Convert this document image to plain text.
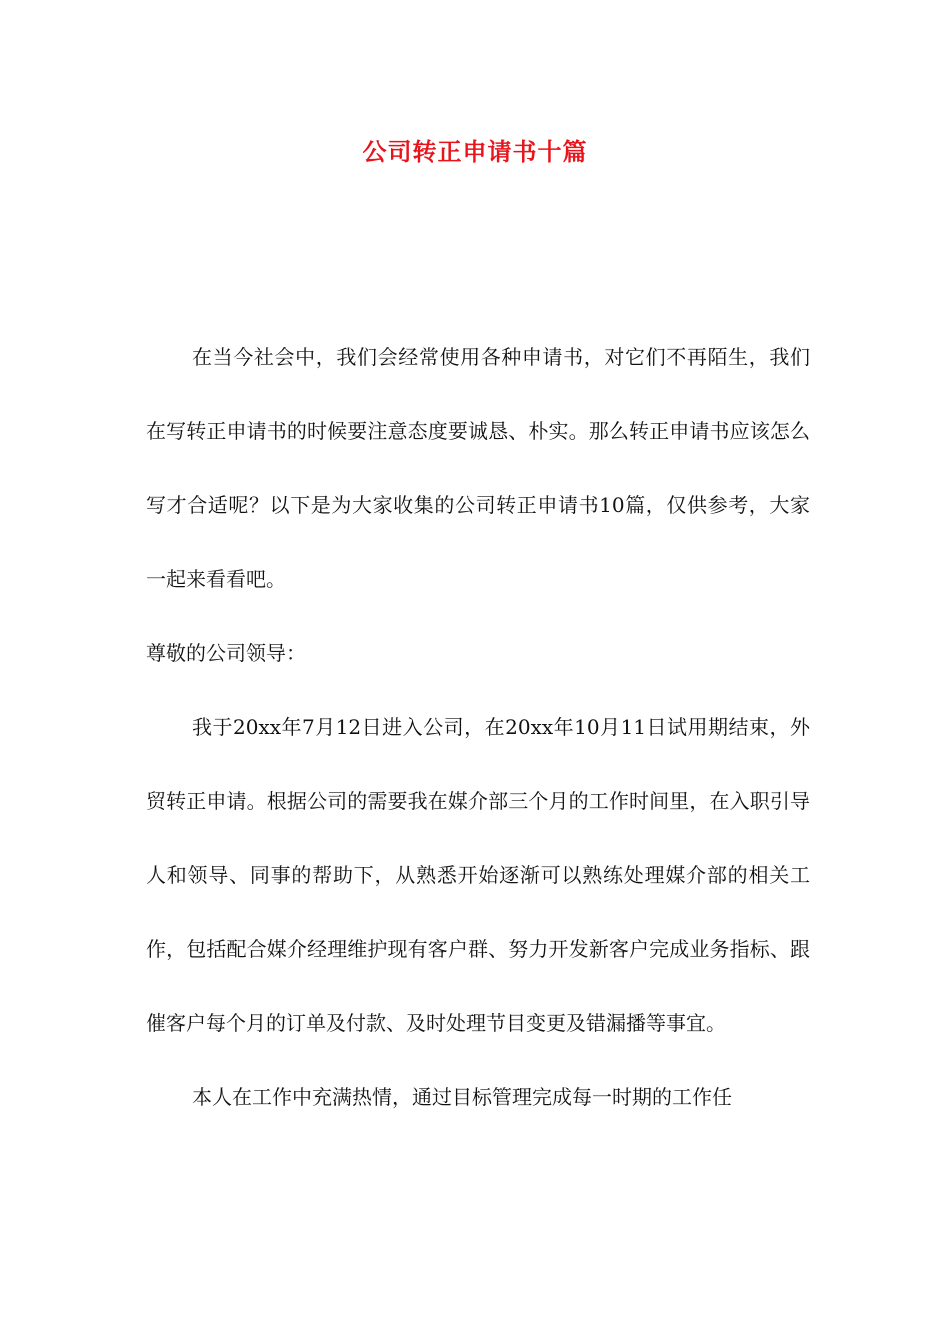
公司转正申请书十篇

在当今社会中，我们会经常使用各种申请书，对它们不再陌生，我们在写转正申请书的时候要注意态度要诚恳、朴实。那么转正申请书应该怎么写才合适呢？以下是为大家收集的公司转正申请书10篇，仅供参考，大家一起来看看吧。

尊敬的公司领导：

我于20xx年7月12日进入公司，在20xx年10月11日试用期结束，外贸转正申请。根据公司的需要我在媒介部三个月的工作时间里，在入职引导人和领导、同事的帮助下，从熟悉开始逐渐可以熟练处理媒介部的相关工作，包括配合媒介经理维护现有客户群、努力开发新客户完成业务指标、跟催客户每个月的订单及付款、及时处理节目变更及错漏播等事宜。

本人在工作中充满热情，通过目标管理完成每一时期的工作任
